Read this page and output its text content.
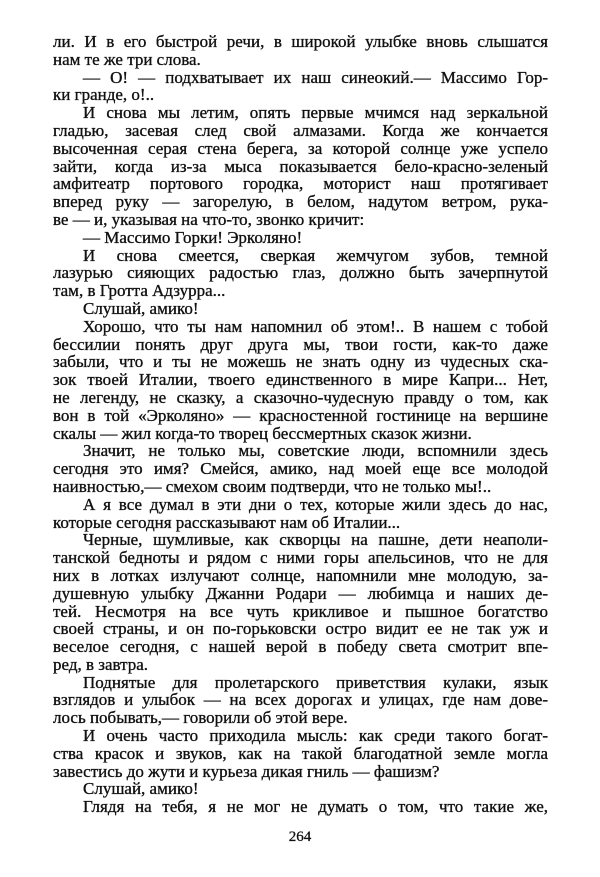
ли. И в его быстрой речи, в широкой улыбке вновь слышатся
нам те же три слова.
— О! — подхватывает их наш синеокий.— Массимо Гор-
ки гранде, о!..
И снова мы летим, опять первые мчимся над зеркальной
гладью, засевая след свой алмазами. Когда же кончается
высоченная серая стена берега, за которой солнце уже успело
зайти, когда из-за мыса показывается бело-красно-зеленый
амфитеатр портового городка, моторист наш протягивает
вперед руку — загорелую, в белом, надутом ветром, рука-
ве — и, указывая на что-то, звонко кричит:
— Массимо Горки! Эрколяно!
И снова смеется, сверкая жемчугом зубов, темной
лазурью сияющих радостью глаз, должно быть зачерпнутой
там, в Гротта Адзурра...
Слушай, амико!
Хорошо, что ты нам напомнил об этом!.. В нашем с тобой
бессилии понять друг друга мы, твои гости, как-то даже
забыли, что и ты не можешь не знать одну из чудесных ска-
зок твоей Италии, твоего единственного в мире Капри... Нет,
не легенду, не сказку, а сказочно-чудесную правду о том, как
вон в той «Эрколяно» — красностенной гостинице на вершине
скалы — жил когда-то творец бессмертных сказок жизни.
Значит, не только мы, советские люди, вспомнили здесь
сегодня это имя? Смейся, амико, над моей еще все молодой
наивностью,— смехом своим подтверди, что не только мы!..
А я все думал в эти дни о тех, которые жили здесь до нас,
которые сегодня рассказывают нам об Италии...
Черные, шумливые, как скворцы на пашне, дети неаполи-
танской бедноты и рядом с ними горы апельсинов, что не для
них в лотках излучают солнце, напомнили мне молодую, за-
душевную улыбку Джанни Родари — любимца и наших де-
тей. Несмотря на все чуть крикливое и пышное богатство
своей страны, и он по-горьковски остро видит ее не так уж и
веселое сегодня, с нашей верой в победу света смотрит впе-
ред, в завтра.
Поднятые для пролетарского приветствия кулаки, язык
взглядов и улыбок — на всех дорогах и улицах, где нам дове-
лось побывать,— говорили об этой вере.
И очень часто приходила мысль: как среди такого богат-
ства красок и звуков, как на такой благодатной земле могла
завестись до жути и курьеза дикая гниль — фашизм?
Слушай, амико!
Глядя на тебя, я не мог не думать о том, что такие же,
264
